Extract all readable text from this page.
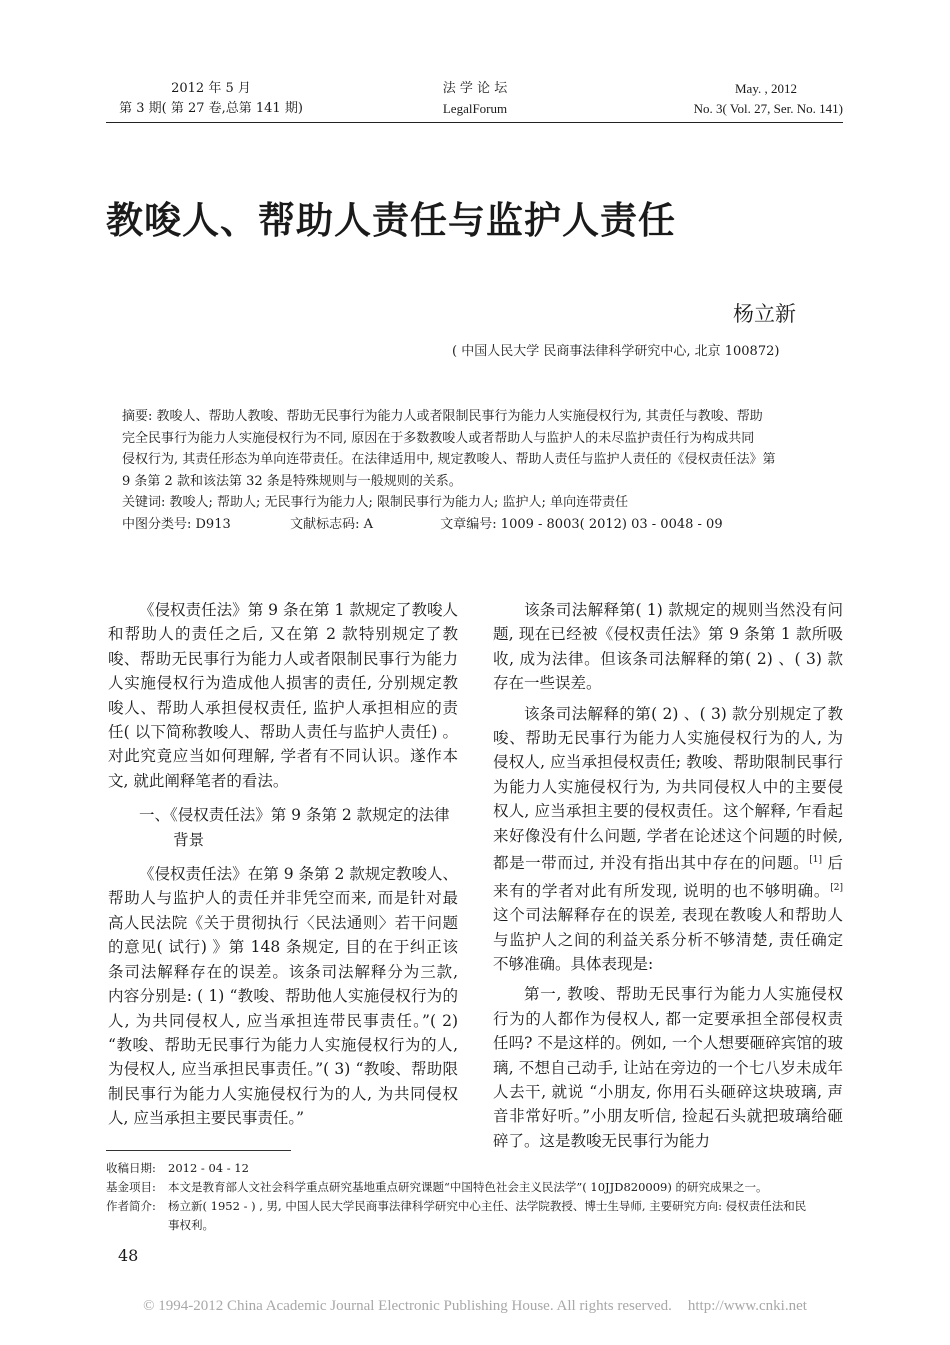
2012 年 5 月
第 3 期( 第 27 卷,总第 141 期)
法 学 论 坛
LegalForum
May. , 2012
No. 3( Vol. 27, Ser. No. 141)
教唆人、帮助人责任与监护人责任
杨立新
( 中国人民大学 民商事法律科学研究中心, 北京 100872)
摘要: 教唆人、帮助人教唆、帮助无民事行为能力人或者限制民事行为能力人实施侵权行为, 其责任与教唆、帮助
完全民事行为能力人实施侵权行为不同, 原因在于多数教唆人或者帮助人与监护人的未尽监护责任行为构成共同
侵权行为, 其责任形态为单向连带责任。在法律适用中, 规定教唆人、帮助人责任与监护人责任的《侵权责任法》第
9 条第 2 款和该法第 32 条是特殊规则与一般规则的关系。
关键词: 教唆人; 帮助人; 无民事行为能力人; 限制民事行为能力人; 监护人; 单向连带责任
中图分类号: D913	文献标志码: A	文章编号: 1009 - 8003( 2012) 03 - 0048 - 09

《侵权责任法》第 9 条在第 1 款规定了教唆人和帮助人的责任之后, 又在第 2 款特别规定了教唆、帮助无民事行为能力人或者限制民事行为能力人实施侵权行为造成他人损害的责任, 分别规定教唆人、帮助人承担侵权责任, 监护人承担相应的责任( 以下简称教唆人、帮助人责任与监护人责任) 。对此究竟应当如何理解, 学者有不同认识。遂作本文, 就此阐释笔者的看法。

一、《侵权责任法》第 9 条第 2 款规定的法律
背景

《侵权责任法》在第 9 条第 2 款规定教唆人、帮助人与监护人的责任并非凭空而来, 而是针对最高人民法院《关于贯彻执行〈民法通则〉若干问题的意见( 试行) 》第 148 条规定, 目的在于纠正该条司法解释存在的误差。该条司法解释分为三款, 内容分别是: ( 1) “教唆、帮助他人实施侵权行为的人, 为共同侵权人, 应当承担连带民事责任。”( 2) “教唆、帮助无民事行为能力人实施侵权行为的人, 为侵权人, 应当承担民事责任。”( 3) “教唆、帮助限制民事行为能力人实施侵权行为的人, 为共同侵权人, 应当承担主要民事责任。”

该条司法解释第( 1) 款规定的规则当然没有问题, 现在已经被《侵权责任法》第 9 条第 1 款所吸收, 成为法律。但该条司法解释的第( 2) 、( 3) 款存在一些误差。

该条司法解释的第( 2) 、( 3) 款分别规定了教唆、帮助无民事行为能力人实施侵权行为的人, 为侵权人, 应当承担侵权责任; 教唆、帮助限制民事行为能力人实施侵权行为, 为共同侵权人中的主要侵权人, 应当承担主要的侵权责任。这个解释, 乍看起来好像没有什么问题, 学者在论述这个问题的时候, 都是一带而过, 并没有指出其中存在的问题。[1] 后来有的学者对此有所发现, 说明的也不够明确。[2] 这个司法解释存在的误差, 表现在教唆人和帮助人与监护人之间的利益关系分析不够清楚, 责任确定不够准确。具体表现是:

第一, 教唆、帮助无民事行为能力人实施侵权行为的人都作为侵权人, 都一定要承担全部侵权责任吗? 不是这样的。例如, 一个人想要砸碎宾馆的玻璃, 不想自己动手, 让站在旁边的一个七八岁未成年人去干, 就说 “小朋友, 你用石头砸碎这块玻璃, 声音非常好听。”小朋友听信, 捡起石头就把玻璃给砸碎了。这是教唆无民事行为能力

收稿日期:	2012 - 04 - 12
基金项目:	本文是教育部人文社会科学重点研究基地重点研究课题“中国特色社会主义民法学”( 10JJD820009) 的研究成果之一。
作者简介:	杨立新( 1952 - ) , 男, 中国人民大学民商事法律科学研究中心主任、法学院教授、博士生导师, 主要研究方向: 侵权责任法和民
事权利。
48
© 1994-2012 China Academic Journal Electronic Publishing House. All rights reserved. http://www.cnki.net
